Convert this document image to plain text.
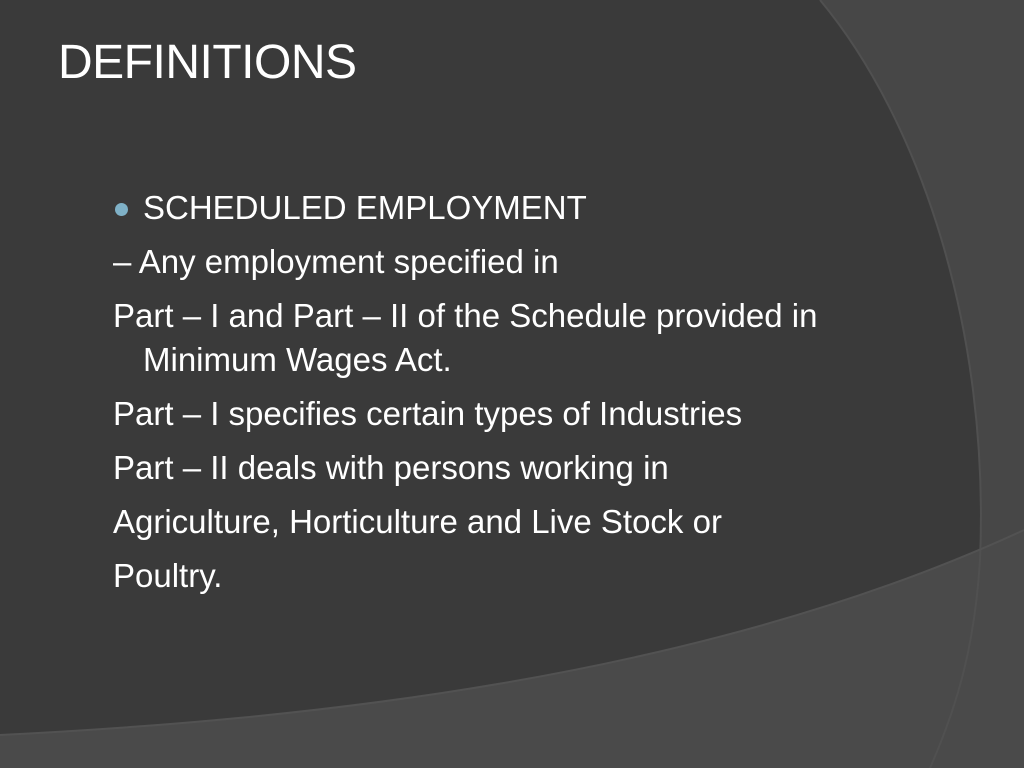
DEFINITIONS
SCHEDULED EMPLOYMENT

– Any employment specified in

Part – I and Part – II of the Schedule provided in Minimum Wages Act.

Part – I specifies certain types of Industries

Part – II deals with persons working in

Agriculture, Horticulture and Live Stock or

Poultry.
